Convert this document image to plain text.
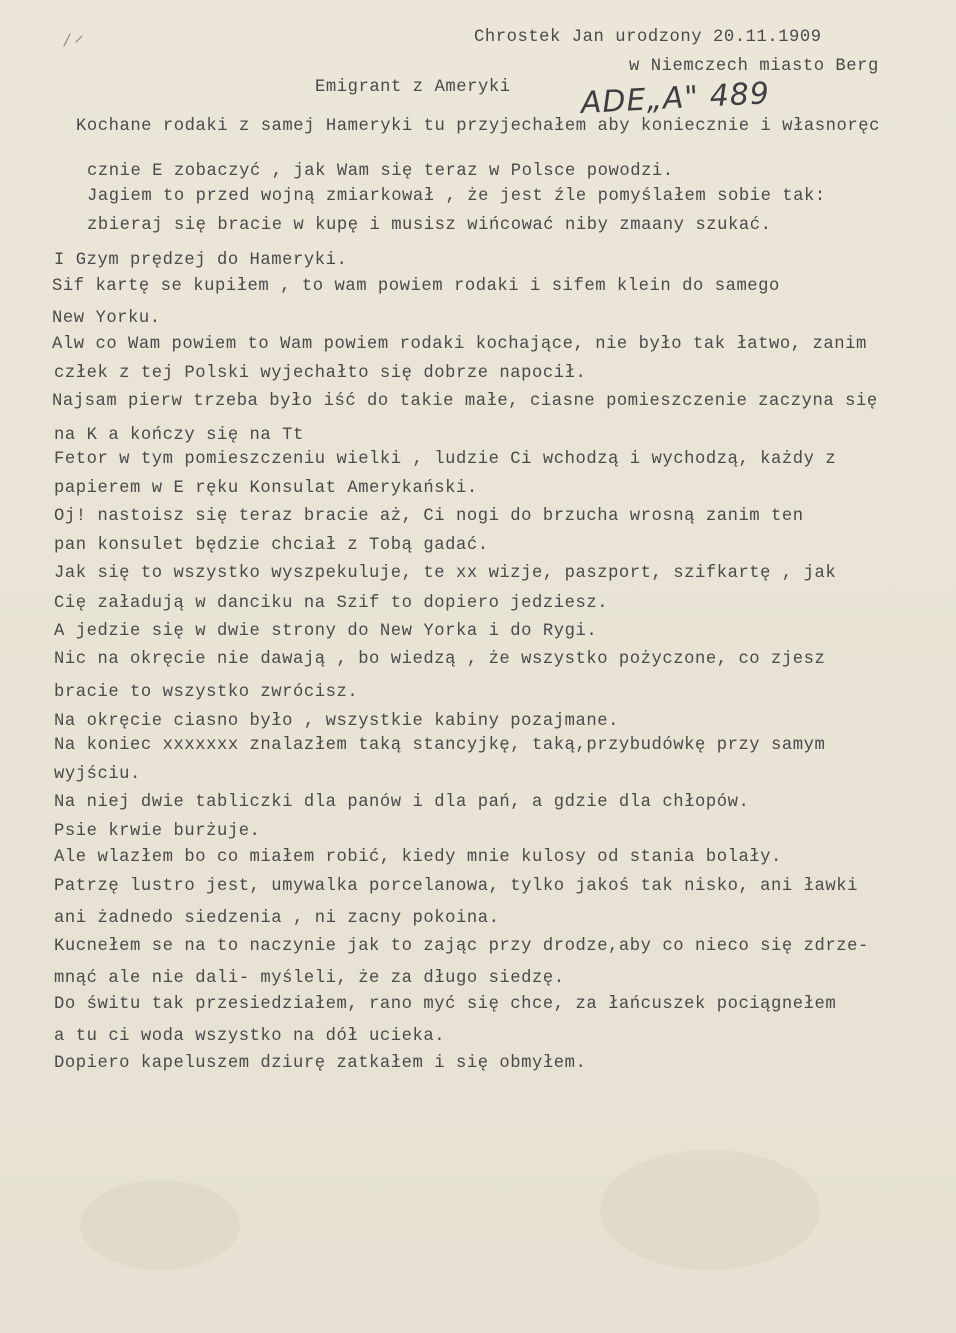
Chrostek Jan urodzony 20.11.1909
w Niemczech miasto Berg
Emigrant z Ameryki ADE„A" 489
Kochane rodaki z samej Hameryki tu przyjechałem aby koniecznie i własnoręc
cznie E zobaczyć , jak Wam się teraz w Polsce powodzi.
Jagiem to przed wojną zmiarkował , że jest źle pomyślałem sobie tak:
zbieraj się bracie w kupę i musisz wińcować niby zmaany szukać.
I Gzym prędzej do Hameryki.
Sif kartę se kupiłem , to wam powiem rodaki i sifem klein do samego
New Yorku.
Alw co Wam powiem to Wam powiem rodaki kochające, nie było tak łatwo, zanim
człek z tej Polski wyjechałto się dobrze napocił.
Najsam pierw trzeba było iść do takie małe, ciasne pomieszczenie zaczyna się
na K a kończy się na Tt
Fetor w tym pomieszczeniu wielki , ludzie Ci wchodzą i wychodzą, każdy z
papierem w E ręku Konsulat Amerykański.
Oj! nastoisz się teraz bracie aż, Ci nogi do brzucha wrosną zanim ten
pan konsulet będzie chciał z Tobą gadać.
Jak się to wszystko wyszpekuluje, te xx wizje, paszport, szifkartę , jak
Cię załadują w danciku na Szif to dopiero jedziesz.
A jedzie się w dwie strony do New Yorka i do Rygi.
Nic na okręcie nie dawają , bo wiedzą , że wszystko pożyczone, co zjesz
bracie to wszystko zwrócisz.
Na okręcie ciasno było , wszystkie kabiny pozajmane.
Na koniec xxxxxxx znalazłem taką stancyjkę, taką,przybudówkę przy samym
wyjściu.
Na niej dwie tabliczki dla panów i dla pań, a gdzie dla chłopów.
Psie krwie burżuje.
Ale wlazłem bo co miałem robić, kiedy mnie kulosy od stania bolały.
Patrzę lustro jest, umywalka porcelanowa, tylko jakoś tak nisko, ani ławki
ani żadnedo siedzenia , ni zacny pokoina.
Kucnełem se na to naczynie jak to zając przy drodze,aby co nieco się zdrze-
mnąć ale nie dali- myśleli, że za długo siedzę.
Do świtu tak przesiedziałem, rano myć się chce, za łańcuszek pociągnełem
a tu ci woda wszystko na dół ucieka.
Dopiero kapeluszem dziurę zatkałem i się obmyłem.
